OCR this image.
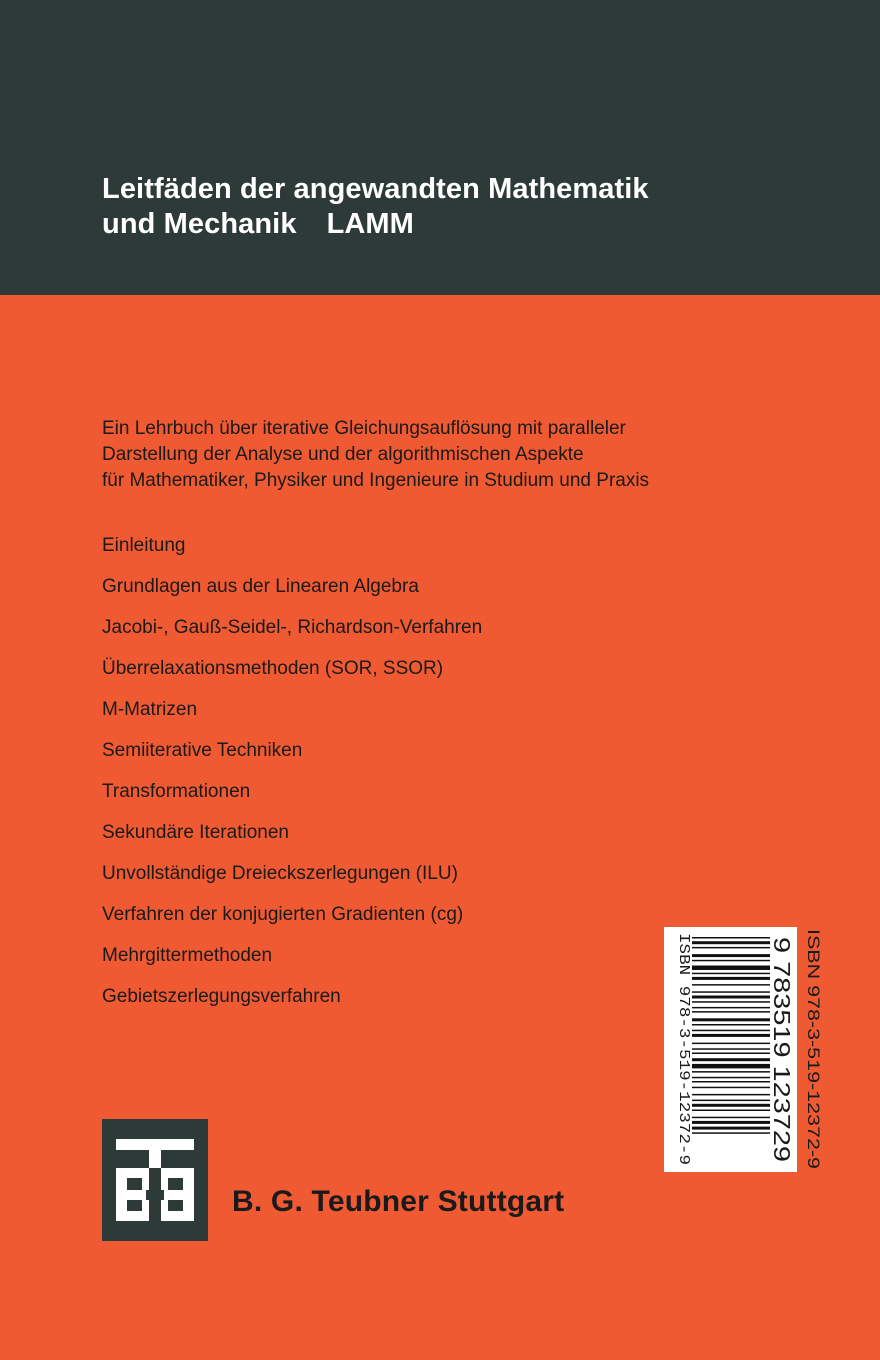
Leitfäden der angewandten Mathematik
und Mechanik LAMM
Ein Lehrbuch über iterative Gleichungsauflösung mit paralleler
Darstellung der Analyse und der algorithmischen Aspekte
für Mathematiker, Physiker und Ingenieure in Studium und Praxis
Einleitung
Grundlagen aus der Linearen Algebra
Jacobi-, Gauß-Seidel-, Richardson-Verfahren
Überrelaxationsmethoden (SOR, SSOR)
M-Matrizen
Semiiterative Techniken
Transformationen
Sekundäre Iterationen
Unvollständige Dreieckszerlegungen (ILU)
Verfahren der konjugierten Gradienten (cg)
Mehrgittermethoden
Gebietszerlegungsverfahren
B. G. Teubner Stuttgart
ISBN 978-3-519-12372-9	9 783519 123729 ISBN 978-3-519-12372-9
